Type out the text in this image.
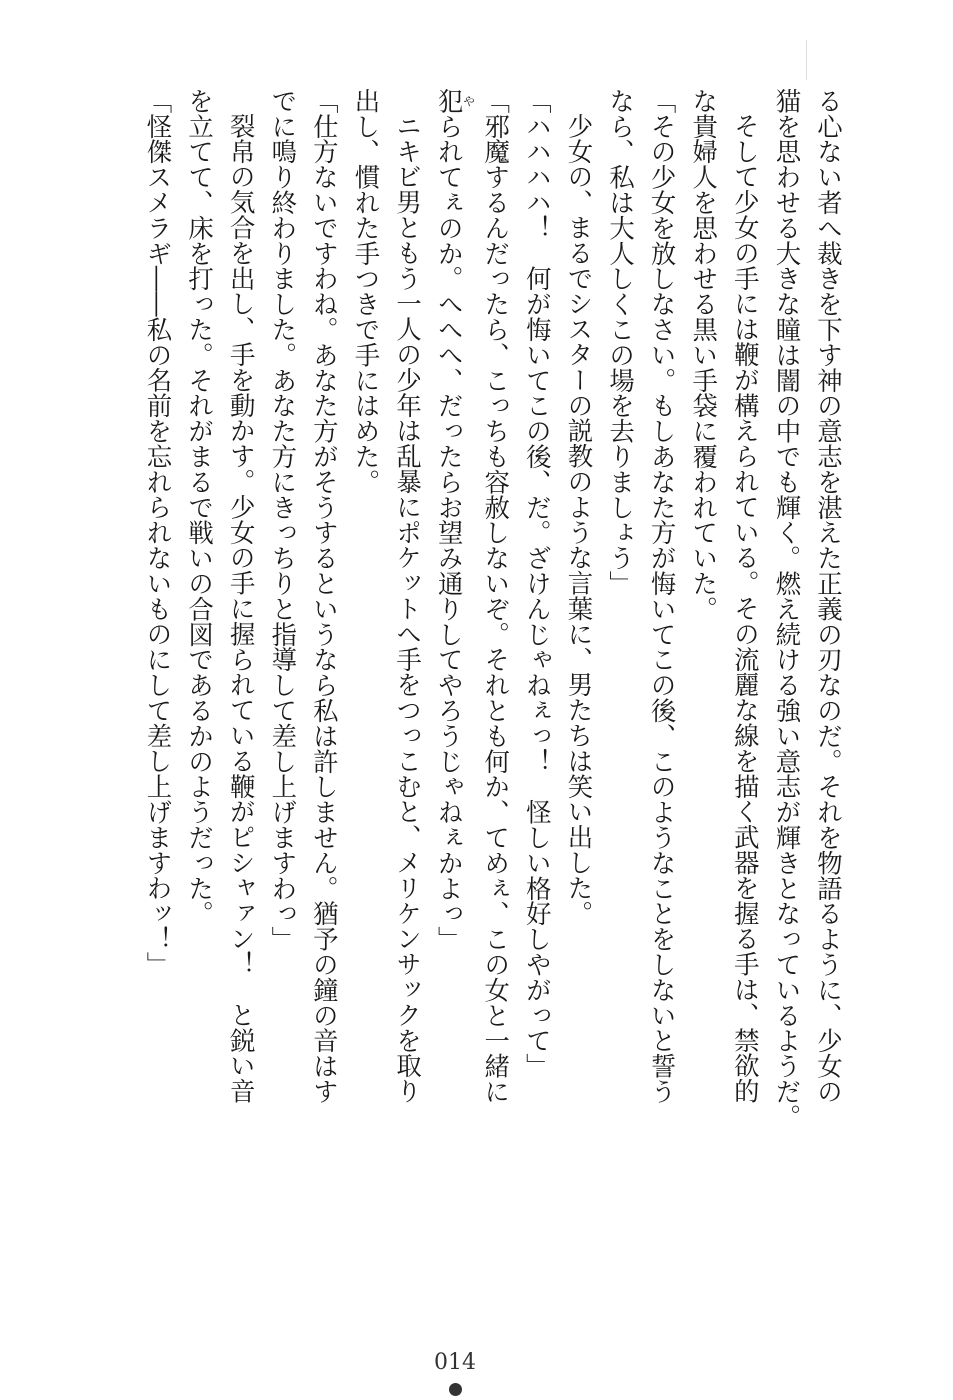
る心ない者へ裁きを下す神の意志を湛えた正義の刃なのだ。それを物語るように、少女の
猫を思わせる大きな瞳は闇の中でも輝く。燃え続ける強い意志が輝きとなっているようだ。
そして少女の手には鞭が構えられている。その流麗な線を描く武器を握る手は、禁欲的
な貴婦人を思わせる黒い手袋に覆われていた。
「その少女を放しなさい。もしあなた方が悔いてこの後、このようなことをしないと誓う
なら、私は大人しくこの場を去りましょう」
少女の、まるでシスターの説教のような言葉に、男たちは笑い出した。
「ハハハハ！　何が悔いてこの後、だ。ざけんじゃねぇっ！　怪しい格好しやがって」
「邪魔するんだったら、こっちも容赦しないぞ。それとも何か、てめぇ、この女と一緒に
犯やられてぇのか。へへへ、だったらお望み通りしてやろうじゃねぇかよっ」
ニキビ男ともう一人の少年は乱暴にポケットへ手をつっこむと、メリケンサックを取り
出し、慣れた手つきで手にはめた。
「仕方ないですわね。あなた方がそうするというなら私は許しません。猶予の鐘の音はす
でに鳴り終わりました。あなた方にきっちりと指導して差し上げますわっ」
裂帛の気合を出し、手を動かす。少女の手に握られている鞭がピシャァン！　と鋭い音
を立てて、床を打った。それがまるで戦いの合図であるかのようだった。
「怪傑スメラギ――私の名前を忘れられないものにして差し上げますわッ！」
014
